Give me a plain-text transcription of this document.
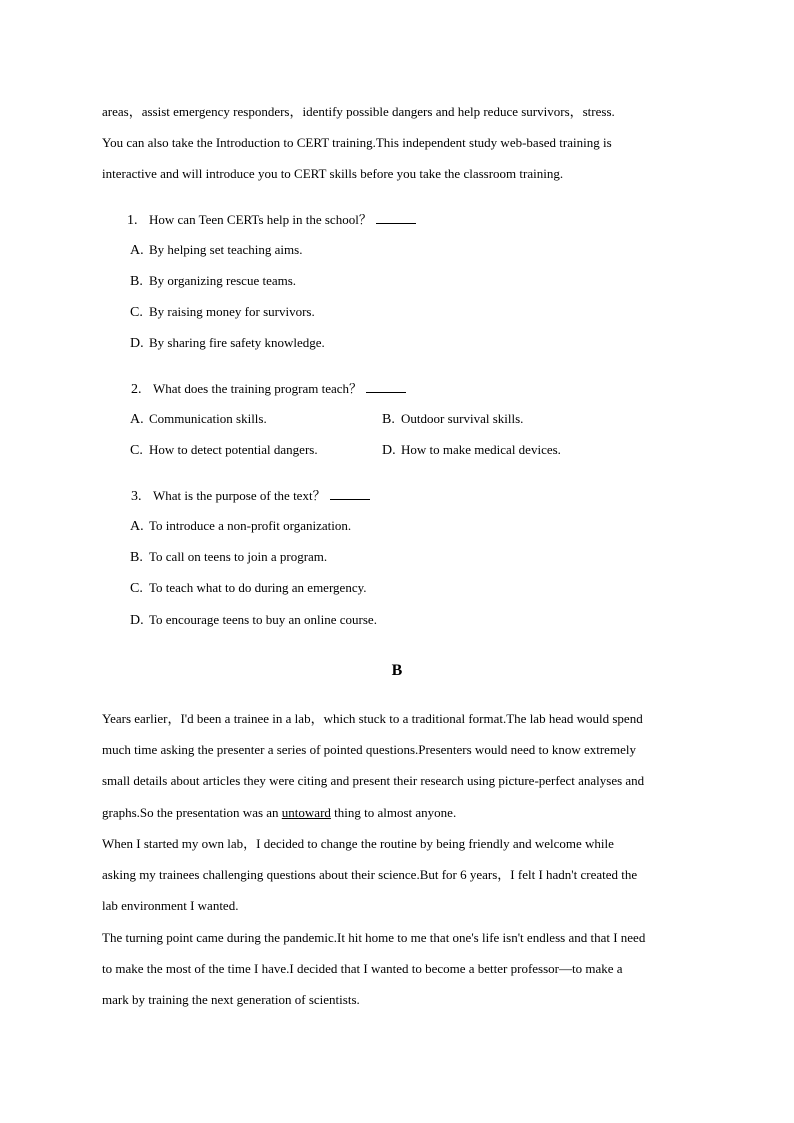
areas，assist emergency responders，identify possible dangers and help reduce survivors，stress.
You can also take the Introduction to CERT training.This independent study web-based training is
interactive and will introduce you to CERT skills before you take the classroom training.
1. How can Teen CERTs help in the school？
A. By helping set teaching aims.
B. By organizing rescue teams.
C. By raising money for survivors.
D. By sharing fire safety knowledge.
2. What does the training program teach？
A. Communication skills.	B. Outdoor survival skills.
C. How to detect potential dangers.	D. How to make medical devices.
3. What is the purpose of the text？
A. To introduce a non-profit organization.
B. To call on teens to join a program.
C. To teach what to do during an emergency.
D. To encourage teens to buy an online course.
B
Years earlier，I'd been a trainee in a lab，which stuck to a traditional format.The lab head would spend
much time asking the presenter a series of pointed questions.Presenters would need to know extremely
small details about articles they were citing and present their research using picture-perfect analyses and
graphs.So the presentation was an untoward thing to almost anyone.
When I started my own lab，I decided to change the routine by being friendly and welcome while
asking my trainees challenging questions about their science.But for 6 years，I felt I hadn't created the
lab environment I wanted.
The turning point came during the pandemic.It hit home to me that one's life isn't endless and that I need
to make the most of the time I have.I decided that I wanted to become a better professor—to make a
mark by training the next generation of scientists.
